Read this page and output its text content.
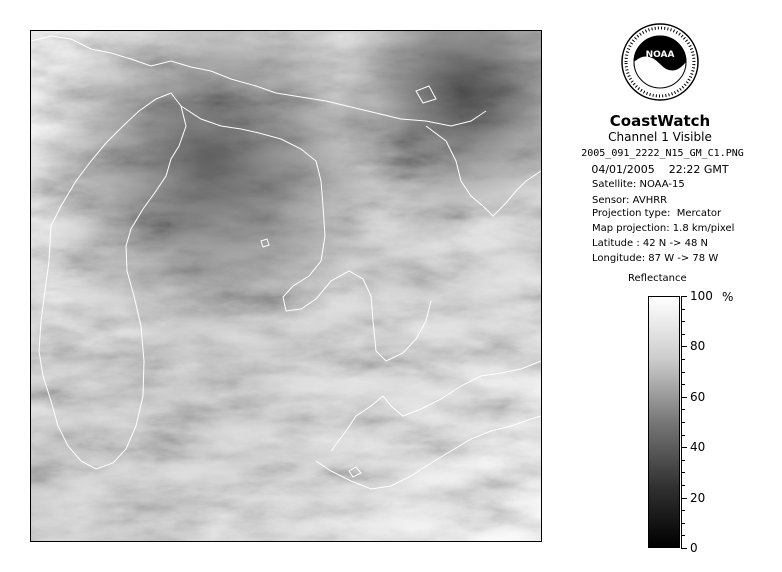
NOAA
CoastWatch
Channel 1 Visible
2005_091_2222_N15_GM_C1.PNG
04/01/2005    22:22 GMT
Satellite: NOAA-15
Sensor: AVHRR
Projection type:  Mercator
Map projection: 1.8 km/pixel
Latitude : 42 N -> 48 N
Longitude: 87 W -> 78 W
Reflectance
%
100
80
60
40
20
0
